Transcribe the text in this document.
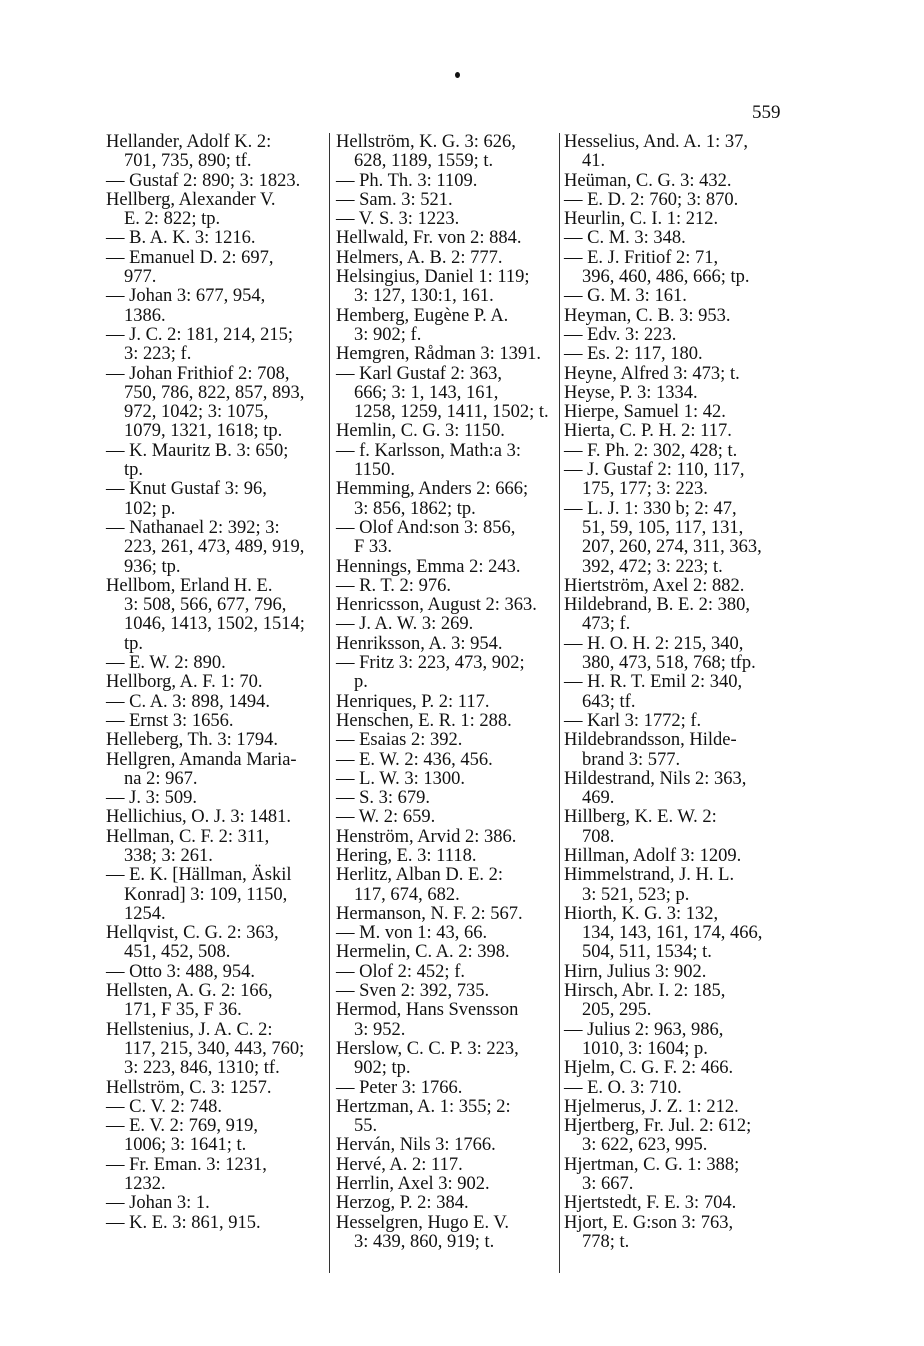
559
Hellander, Adolf K. 2:
701, 735, 890; tf.
— Gustaf 2: 890; 3: 1823.
Hellberg, Alexander V.
E. 2: 822; tp.
— B. A. K. 3: 1216.
— Emanuel D. 2: 697,
977.
— Johan 3: 677, 954,
1386.
— J. C. 2: 181, 214, 215;
3: 223; f.
— Johan Frithiof 2: 708,
750, 786, 822, 857, 893,
972, 1042; 3: 1075,
1079, 1321, 1618; tp.
— K. Mauritz B. 3: 650;
tp.
— Knut Gustaf 3: 96,
102; p.
— Nathanael 2: 392; 3:
223, 261, 473, 489, 919,
936; tp.
Hellbom, Erland H. E.
3: 508, 566, 677, 796,
1046, 1413, 1502, 1514;
tp.
— E. W. 2: 890.
Hellborg, A. F. 1: 70.
— C. A. 3: 898, 1494.
— Ernst 3: 1656.
Helleberg, Th. 3: 1794.
Hellgren, Amanda Maria-
na 2: 967.
— J. 3: 509.
Hellichius, O. J. 3: 1481.
Hellman, C. F. 2: 311,
338; 3: 261.
— E. K. [Hällman, Äskil
Konrad] 3: 109, 1150,
1254.
Hellqvist, C. G. 2: 363,
451, 452, 508.
— Otto 3: 488, 954.
Hellsten, A. G. 2: 166,
171, F 35, F 36.
Hellstenius, J. A. C. 2:
117, 215, 340, 443, 760;
3: 223, 846, 1310; tf.
Hellström, C. 3: 1257.
— C. V. 2: 748.
— E. V. 2: 769, 919,
1006; 3: 1641; t.
— Fr. Eman. 3: 1231,
1232.
— Johan 3: 1.
— K. E. 3: 861, 915.
Hellström, K. G. 3: 626,
628, 1189, 1559; t.
— Ph. Th. 3: 1109.
— Sam. 3: 521.
— V. S. 3: 1223.
Hellwald, Fr. von 2: 884.
Helmers, A. B. 2: 777.
Helsingius, Daniel 1: 119;
3: 127, 130:1, 161.
Hemberg, Eugène P. A.
3: 902; f.
Hemgren, Rådman 3: 1391.
— Karl Gustaf 2: 363,
666; 3: 1, 143, 161,
1258, 1259, 1411, 1502; t.
Hemlin, C. G. 3: 1150.
— f. Karlsson, Math:a 3:
1150.
Hemming, Anders 2: 666;
3: 856, 1862; tp.
— Olof And:son 3: 856,
F 33.
Hennings, Emma 2: 243.
— R. T. 2: 976.
Henricsson, August 2: 363.
— J. A. W. 3: 269.
Henriksson, A. 3: 954.
— Fritz 3: 223, 473, 902;
p.
Henriques, P. 2: 117.
Henschen, E. R. 1: 288.
— Esaias 2: 392.
— E. W. 2: 436, 456.
— L. W. 3: 1300.
— S. 3: 679.
— W. 2: 659.
Henström, Arvid 2: 386.
Hering, E. 3: 1118.
Herlitz, Alban D. E. 2:
117, 674, 682.
Hermanson, N. F. 2: 567.
— M. von 1: 43, 66.
Hermelin, C. A. 2: 398.
— Olof 2: 452; f.
— Sven 2: 392, 735.
Hermod, Hans Svensson
3: 952.
Herslow, C. C. P. 3: 223,
902; tp.
— Peter 3: 1766.
Hertzman, A. 1: 355; 2:
55.
Herván, Nils 3: 1766.
Hervé, A. 2: 117.
Herrlin, Axel 3: 902.
Herzog, P. 2: 384.
Hesselgren, Hugo E. V.
3: 439, 860, 919; t.
Hesselius, And. A. 1: 37,
41.
Heüman, C. G. 3: 432.
— E. D. 2: 760; 3: 870.
Heurlin, C. I. 1: 212.
— C. M. 3: 348.
— E. J. Fritiof 2: 71,
396, 460, 486, 666; tp.
— G. M. 3: 161.
Heyman, C. B. 3: 953.
— Edv. 3: 223.
— Es. 2: 117, 180.
Heyne, Alfred 3: 473; t.
Heyse, P. 3: 1334.
Hierpe, Samuel 1: 42.
Hierta, C. P. H. 2: 117.
— F. Ph. 2: 302, 428; t.
— J. Gustaf 2: 110, 117,
175, 177; 3: 223.
— L. J. 1: 330 b; 2: 47,
51, 59, 105, 117, 131,
207, 260, 274, 311, 363,
392, 472; 3: 223; t.
Hiertström, Axel 2: 882.
Hildebrand, B. E. 2: 380,
473; f.
— H. O. H. 2: 215, 340,
380, 473, 518, 768; tfp.
— H. R. T. Emil 2: 340,
643; tf.
— Karl 3: 1772; f.
Hildebrandsson, Hilde-
brand 3: 577.
Hildestrand, Nils 2: 363,
469.
Hillberg, K. E. W. 2:
708.
Hillman, Adolf 3: 1209.
Himmelstrand, J. H. L.
3: 521, 523; p.
Hiorth, K. G. 3: 132,
134, 143, 161, 174, 466,
504, 511, 1534; t.
Hirn, Julius 3: 902.
Hirsch, Abr. I. 2: 185,
205, 295.
— Julius 2: 963, 986,
1010, 3: 1604; p.
Hjelm, C. G. F. 2: 466.
— E. O. 3: 710.
Hjelmerus, J. Z. 1: 212.
Hjertberg, Fr. Jul. 2: 612;
3: 622, 623, 995.
Hjertman, C. G. 1: 388;
3: 667.
Hjertstedt, F. E. 3: 704.
Hjort, E. G:son 3: 763,
778; t.
